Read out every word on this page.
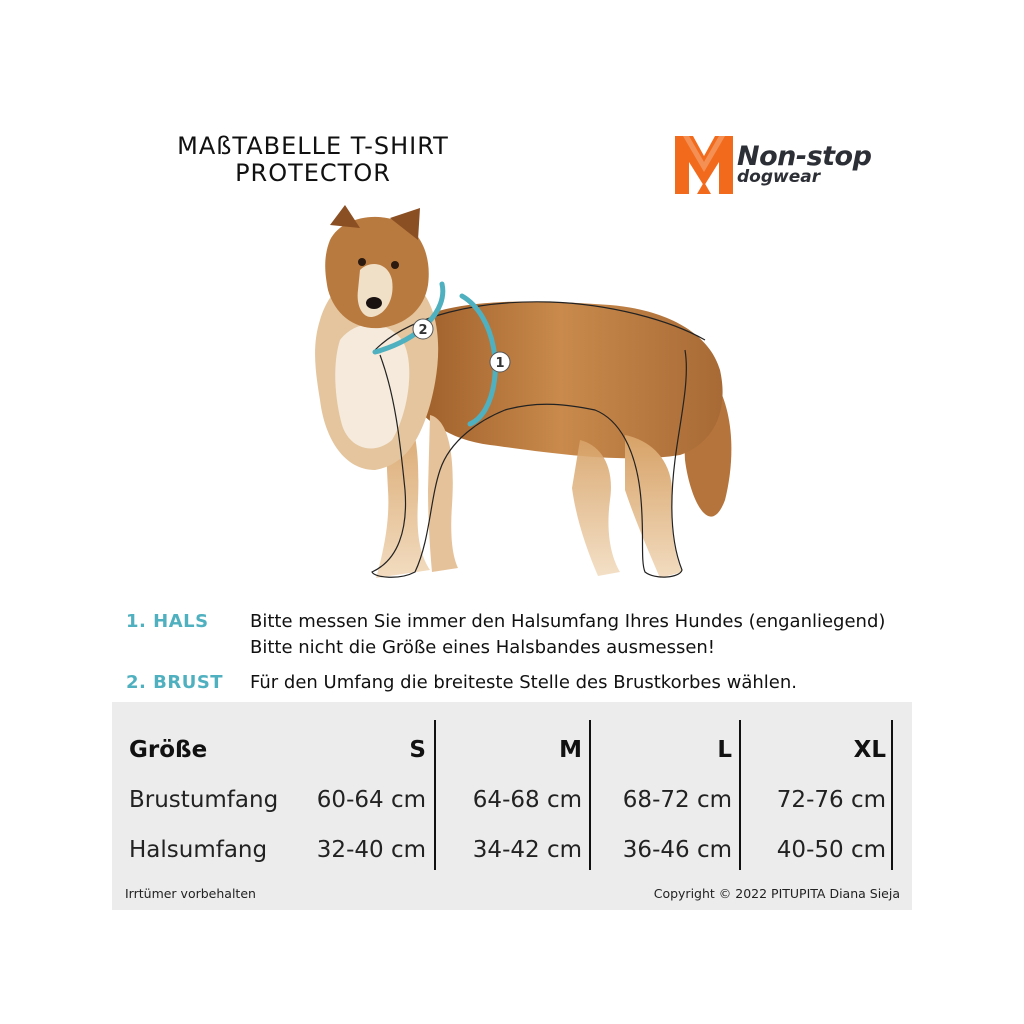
MAßTABELLE T-SHIRT
PROTECTOR
Non-stop
dogwear
2
1
1. HALS Bitte messen Sie immer den Halsumfang Ihres Hundes (enganliegend)
Bitte nicht die Größe eines Halsbandes ausmessen!
2. BRUST Für den Umfang die breiteste Stelle des Brustkorbes wählen.
Größe	S	M	L	XL
Brustumfang	60-64 cm	64-68 cm	68-72 cm	72-76 cm
Halsumfang	32-40 cm	34-42 cm	36-46 cm	40-50 cm
Irrtümer vorbehalten	Copyright © 2022 PITUPITA Diana Sieja
